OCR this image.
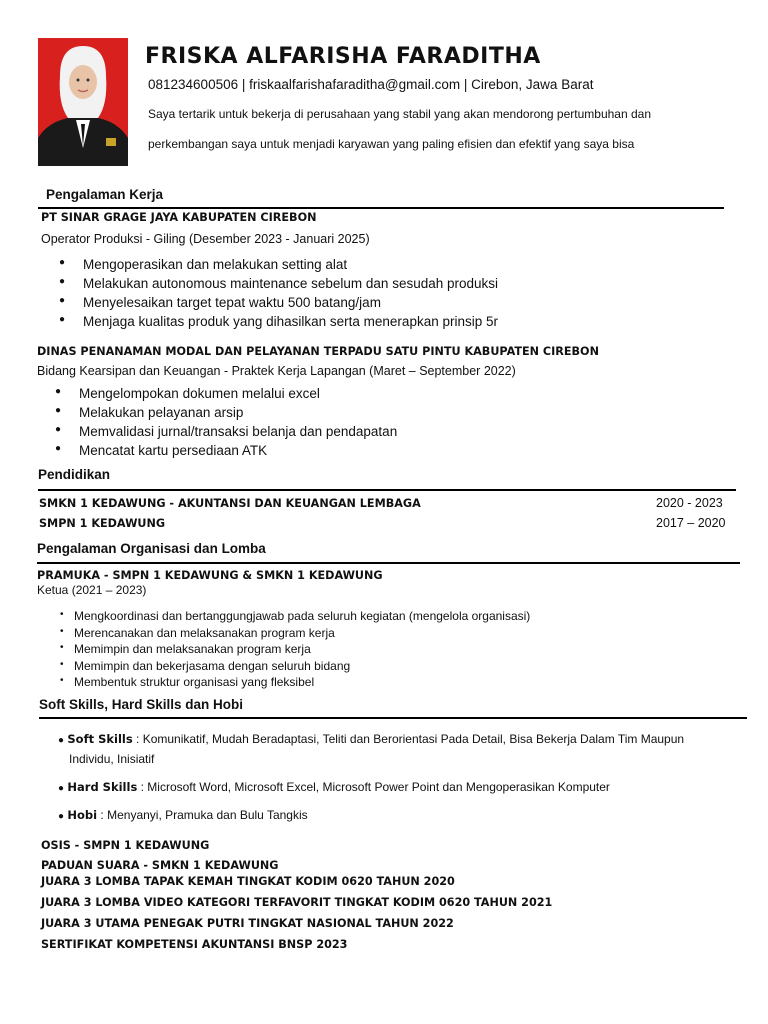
FRISKA ALFARISHA FARADITHA
081234600506 | friskaalfarishafaraditha@gmail.com | Cirebon, Jawa Barat
Saya tertarik untuk bekerja di perusahaan yang stabil yang akan mendorong pertumbuhan dan
perkembangan saya untuk menjadi karyawan yang paling efisien dan efektif yang saya bisa
Pengalaman Kerja
PT SINAR GRAGE JAYA KABUPATEN CIREBON
Operator Produksi - Giling (Desember 2023 - Januari 2025)
● Mengoperasikan dan melakukan setting alat
● Melakukan autonomous maintenance sebelum dan sesudah produksi
● Menyelesaikan target tepat waktu 500 batang/jam
● Menjaga kualitas produk yang dihasilkan serta menerapkan prinsip 5r
DINAS PENANAMAN MODAL DAN PELAYANAN TERPADU SATU PINTU KABUPATEN CIREBON
Bidang Kearsipan dan Keuangan - Praktek Kerja Lapangan (Maret – September 2022)
● Mengelompokan dokumen melalui excel
● Melakukan pelayanan arsip
● Memvalidasi jurnal/transaksi belanja dan pendapatan
● Mencatat kartu persediaan ATK
Pendidikan
SMKN 1 KEDAWUNG - AKUNTANSI DAN KEUANGAN LEMBAGA	2020 - 2023
SMPN 1 KEDAWUNG	2017 – 2020
Pengalaman Organisasi dan Lomba
PRAMUKA - SMPN 1 KEDAWUNG & SMKN 1 KEDAWUNG
Ketua (2021 – 2023)
• Mengkoordinasi dan bertanggungjawab pada seluruh kegiatan (mengelola organisasi)
• Merencanakan dan melaksanakan program kerja
• Memimpin dan melaksanakan program kerja
• Memimpin dan bekerjasama dengan seluruh bidang
• Membentuk struktur organisasi yang fleksibel
Soft Skills, Hard Skills dan Hobi
● Soft Skills : Komunikatif, Mudah Beradaptasi, Teliti dan Berorientasi Pada Detail, Bisa Bekerja Dalam Tim Maupun
Individu, Inisiatif
● Hard Skills : Microsoft Word, Microsoft Excel, Microsoft Power Point dan Mengoperasikan Komputer
● Hobi : Menyanyi, Pramuka dan Bulu Tangkis
OSIS - SMPN 1 KEDAWUNG
PADUAN SUARA - SMKN 1 KEDAWUNG
JUARA 3 LOMBA TAPAK KEMAH TINGKAT KODIM 0620 TAHUN 2020
JUARA 3 LOMBA VIDEO KATEGORI TERFAVORIT TINGKAT KODIM 0620 TAHUN 2021
JUARA 3 UTAMA PENEGAK PUTRI TINGKAT NASIONAL TAHUN 2022
SERTIFIKAT KOMPETENSI AKUNTANSI BNSP 2023
